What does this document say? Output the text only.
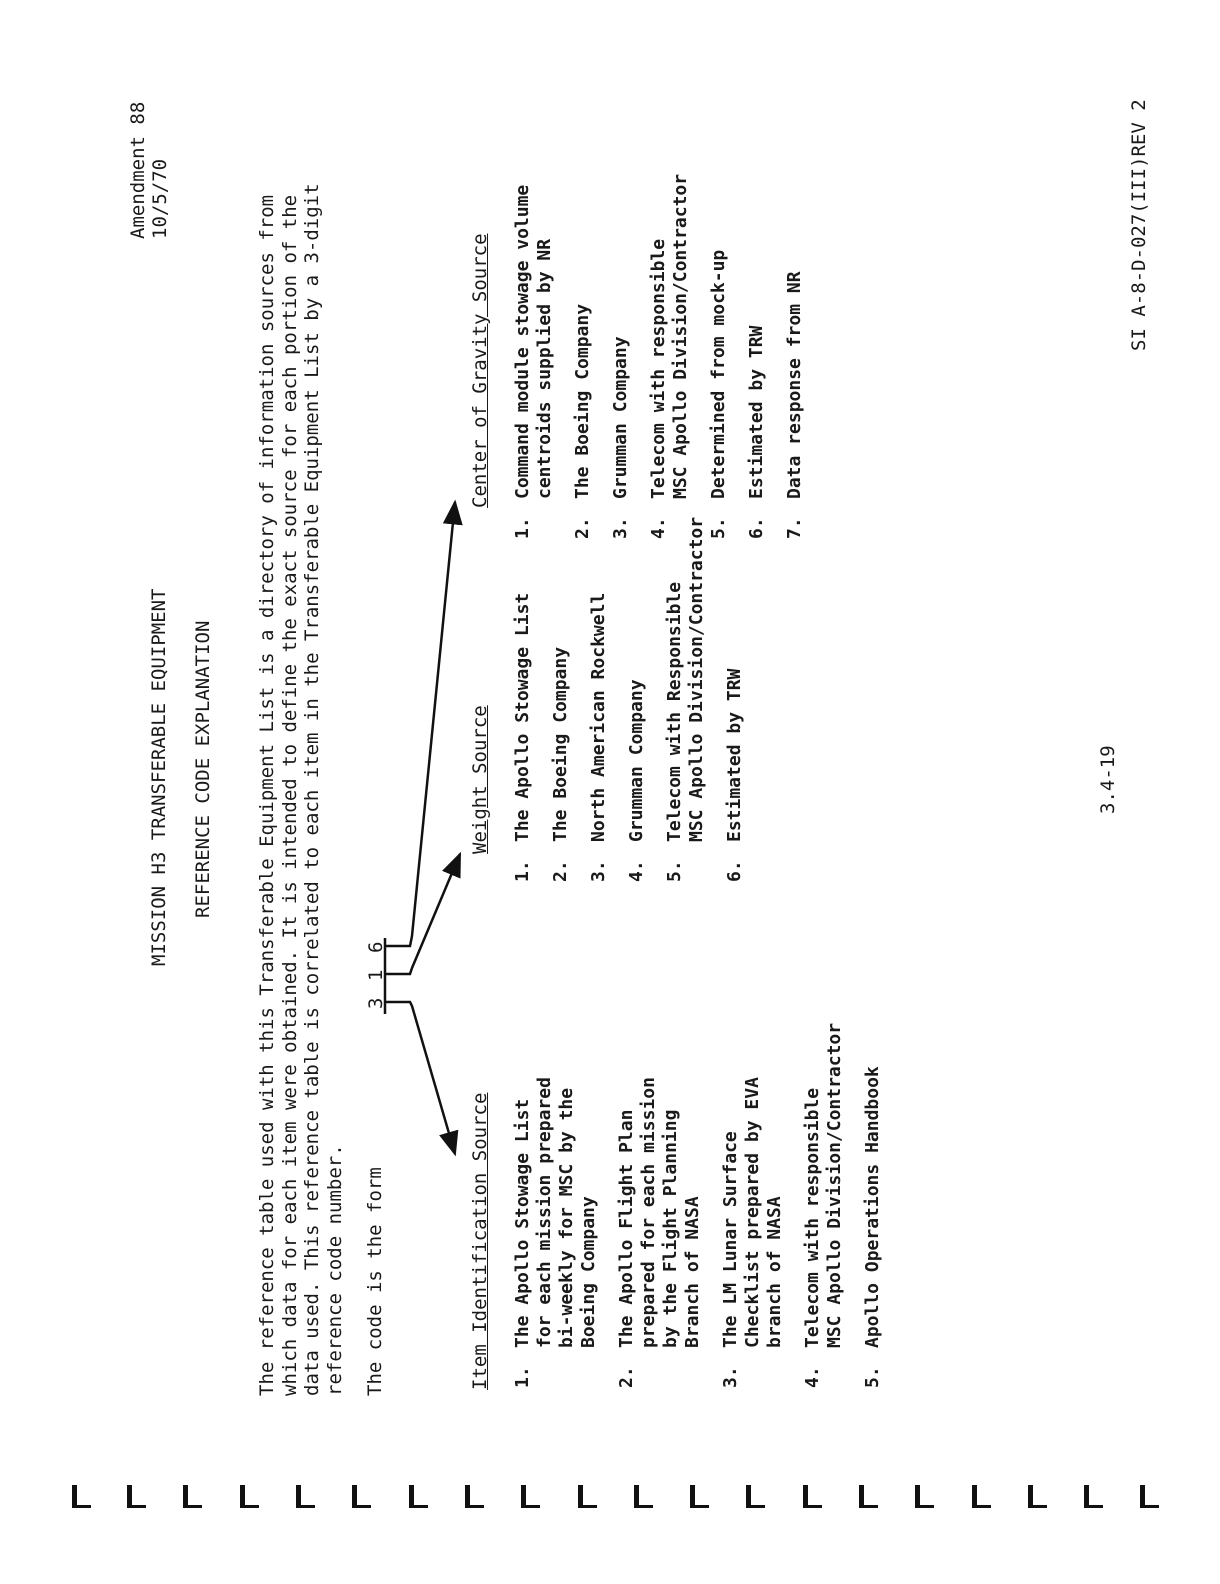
Amendment 88 10/5/70
MISSION H3 TRANSFERABLE EQUIPMENT REFERENCE CODE EXPLANATION The reference table used with this Transferable Equipment List is a directory of information sources from which data for each item were obtained. It is intended to define the exact source for each portion of the data used. This reference table is correlated to each item in the Transferable Equipment List by a 3-digit reference code number. The code is the form
3
1
6
Item Identification Source
Weight Source
Center of Gravity Source
1.
The Apollo Stowage List for each mission prepared bi-weekly for MSC by the Boeing Company
2.
The Apollo Flight Plan prepared for each mission by the Flight Planning Branch of NASA
3.
The LM Lunar Surface Checklist prepared by EVA branch of NASA
4.
Telecom with responsible MSC Apollo Division/Contractor
5.
Apollo Operations Handbook
1.
The Apollo Stowage List
2.
The Boeing Company
3.
North American Rockwell
4.
Grumman Company
5.
Telecom with Responsible MSC Apollo Division/Contractor
6.
Estimated by TRW
1.
Command module stowage volume centroids supplied by NR
2.
The Boeing Company
3.
Grumman Company
4.
Telecom with responsible MSC Apollo Division/Contractor
5.
Determined from mock-up
6.
Estimated by TRW
7.
Data response from NR
3.4-19
SI A-8-D-027(III)REV 2
